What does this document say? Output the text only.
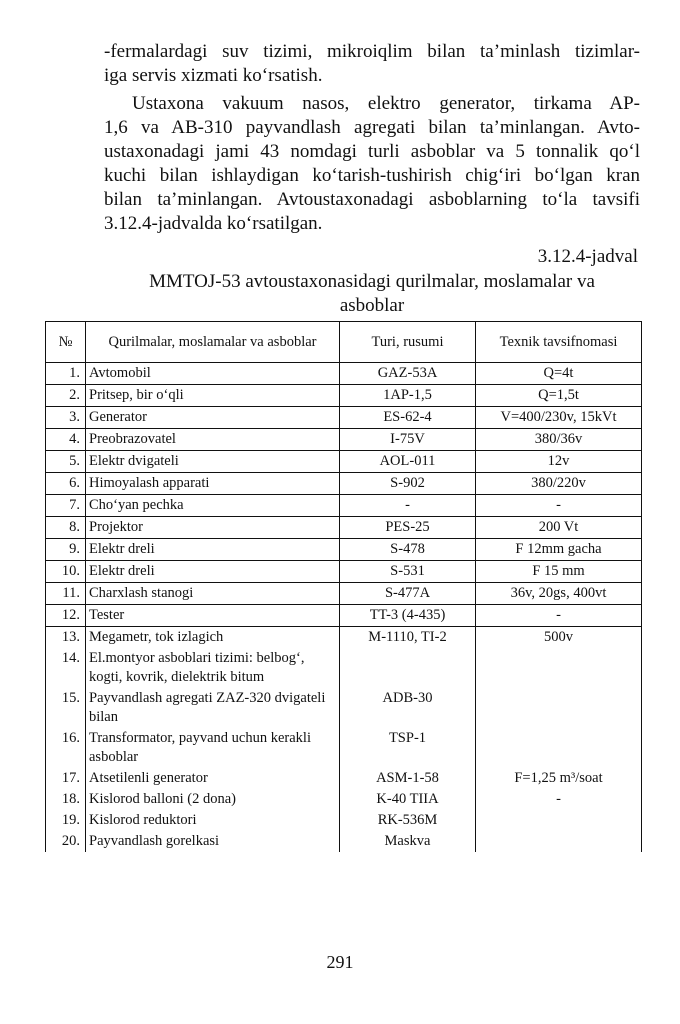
-fermalardagi suv tizimi, mikroiqlim bilan ta’minlash tizimlar-
iga servis xizmati ko‘rsatish.

Ustaxona vakuum nasos, elektro generator, tirkama AP-
1,6 va AB-310 payvandlash agregati bilan ta’minlangan. Avto-
ustaxonadagi jami 43 nomdagi turli asboblar va 5 tonnalik qo‘l
kuchi bilan ishlaydigan ko‘tarish-tushirish chig‘iri bo‘lgan kran
bilan ta’minlangan. Avtoustaxonadagi asboblarning to‘la tavsifi
3.12.4-jadvalda ko‘rsatilgan.

3.12.4-jadval
MMTOJ-53 avtoustaxonasidagi qurilmalar, moslamalar va
asboblar
№	Qurilmalar, moslamalar va asboblar	Turi, rusumi	Texnik tavsifnomasi
1.	Avtomobil	GAZ-53A	Q=4t
2.	Pritsep, bir o‘qli	1AP-1,5	Q=1,5t
3.	Generator	ES-62-4	V=400/230v, 15kVt
4.	Preobrazovatel	I-75V	380/36v
5.	Elektr dvigateli	AOL-011	12v
6.	Himoyalash apparati	S-902	380/220v
7.	Cho‘yan pechka	-	-
8.	Projektor	PES-25	200 Vt
9.	Elektr dreli	S-478	F 12mm gacha
10.	Elektr dreli	S-531	F 15 mm
11.	Charxlash stanogi	S-477A	36v, 20gs, 400vt
12.	Tester	TT-3 (4-435)	-
13.	Megametr, tok izlagich	M-1110, TI-2	500v
14.	El.montyor asboblari tizimi: belbog‘, kogti, kovrik, dielektrik bitum		
15.	Payvandlash agregati ZAZ-320 dvigateli bilan	ADB-30	
16.	Transformator, payvand uchun kerakli asboblar	TSP-1	
17.	Atsetilenli generator	ASM-1-58	F=1,25 m³/soat
18.	Kislorod balloni (2 dona)	K-40 TIIA	-
19.	Kislorod reduktori	RK-536M	
20.	Payvandlash gorelkasi	Maskva	
291
